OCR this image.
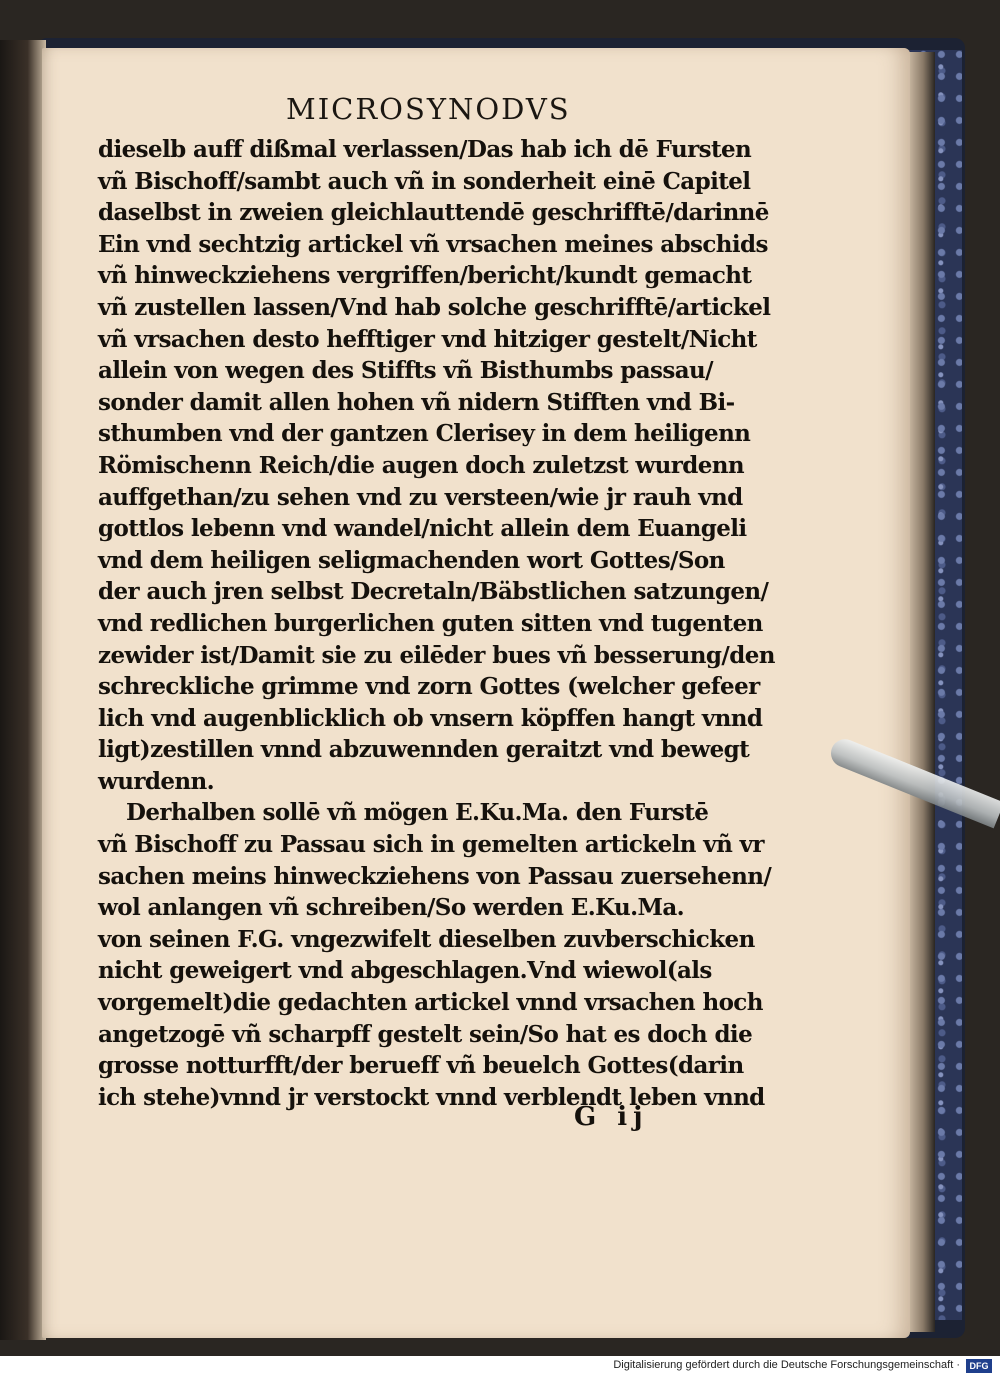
MICROSYNODVS
dieselb auff dißmal verlassen/Das hab ich dē Fursten
vñ Bischoff/sambt auch vñ in sonderheit einē Capitel
daselbst in zweien gleichlauttendē geschrifftē/darinnē
Ein vnd sechtzig artickel vñ vrsachen meines abschids
vñ hinweckziehens vergriffen/bericht/kundt gemacht
vñ zustellen lassen/Vnd hab solche geschrifftē/artickel
vñ vrsachen desto hefftiger vnd hitziger gestelt/Nicht
allein von wegen des Stiffts vñ Bisthumbs passau/
sonder damit allen hohen vñ nidern Stifften vnd Bi-
sthumben vnd der gantzen Clerisey in dem heiligenn
Römischenn Reich/die augen doch zuletzst wurdenn
auffgethan/zu sehen vnd zu versteen/wie jr rauh vnd
gottlos lebenn vnd wandel/nicht allein dem Euangeli
vnd dem heiligen seligmachenden wort Gottes/Son
der auch jren selbst Decretaln/Bäbstlichen satzungen/
vnd redlichen burgerlichen guten sitten vnd tugenten
zewider ist/Damit sie zu eilēder bues vñ besserung/den
schreckliche grimme vnd zorn Gottes (welcher gefeer
lich vnd augenblicklich ob vnsern köpffen hangt vnnd
ligt)zestillen vnnd abzuwennden geraitzt vnd bewegt
wurdenn.
Derhalben sollē vñ mögen E.Ku.Ma. den Furstē
vñ Bischoff zu Passau sich in gemelten artickeln vñ vr
sachen meins hinweckziehens von Passau zuersehenn/
wol anlangen vñ schreiben/So werden E.Ku.Ma.
von seinen F.G. vngezwifelt dieselben zuvberschicken
nicht geweigert vnd abgeschlagen.Vnd wiewol(als
vorgemelt)die gedachten artickel vnnd vrsachen hoch
angetzogē vñ scharpff gestelt sein/So hat es doch die
grosse notturfft/der berueff vñ beuelch Gottes(darin
ich stehe)vnnd jr verstockt vnnd verblendt leben vnnd
G ij
Digitalisierung gefördert durch die Deutsche Forschungsgemeinschaft ·	DFG
